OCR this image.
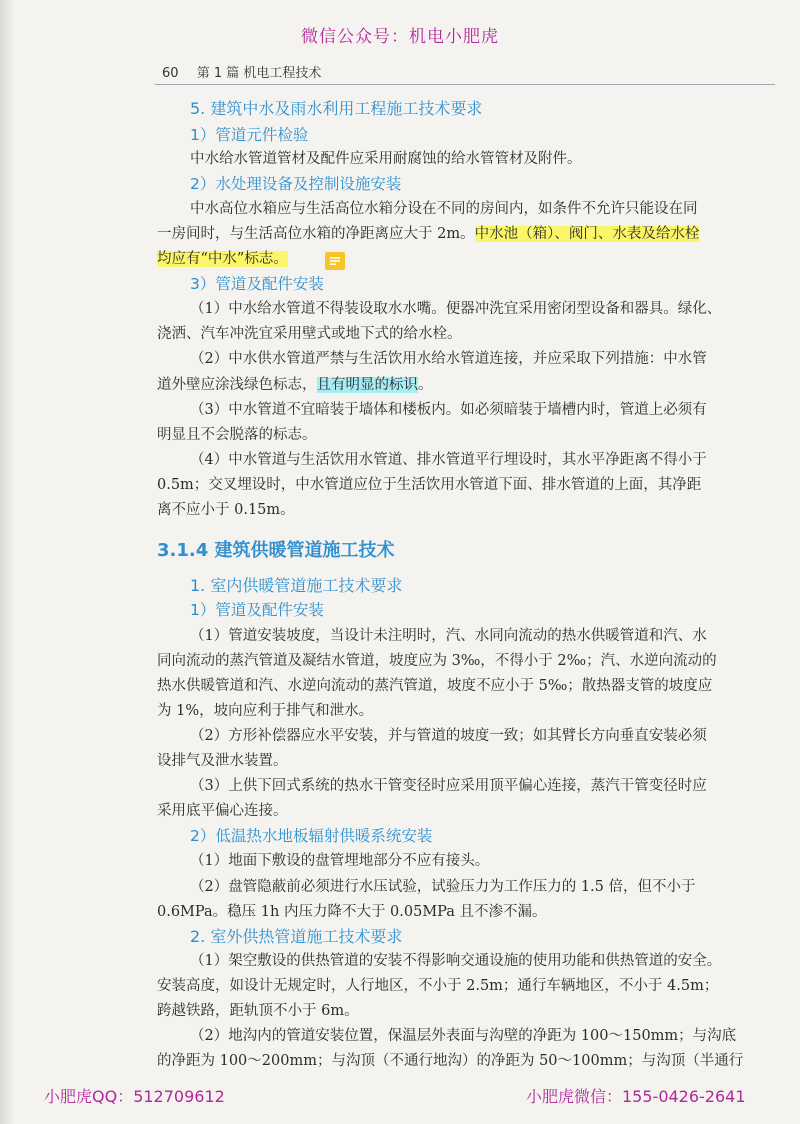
微信公众号：机电小肥虎
60 第 1 篇 机电工程技术
5. 建筑中水及雨水利用工程施工技术要求
1）管道元件检验
中水给水管道管材及配件应采用耐腐蚀的给水管管材及附件。
2）水处理设备及控制设施安装
中水高位水箱应与生活高位水箱分设在不同的房间内，如条件不允许只能设在同
一房间时，与生活高位水箱的净距离应大于 2m。中水池（箱）、阀门、水表及给水栓
均应有“中水”标志。
3）管道及配件安装
（1）中水给水管道不得装设取水水嘴。便器冲洗宜采用密闭型设备和器具。绿化、
浇洒、汽车冲洗宜采用壁式或地下式的给水栓。
（2）中水供水管道严禁与生活饮用水给水管道连接，并应采取下列措施：中水管
道外壁应涂浅绿色标志，且有明显的标识。
（3）中水管道不宜暗装于墙体和楼板内。如必须暗装于墙槽内时，管道上必须有
明显且不会脱落的标志。
（4）中水管道与生活饮用水管道、排水管道平行埋设时，其水平净距离不得小于
0.5m；交叉埋设时，中水管道应位于生活饮用水管道下面、排水管道的上面，其净距
离不应小于 0.15m。
3.1.4 建筑供暖管道施工技术
1. 室内供暖管道施工技术要求
1）管道及配件安装
（1）管道安装坡度，当设计未注明时，汽、水同向流动的热水供暖管道和汽、水
同向流动的蒸汽管道及凝结水管道，坡度应为 3‰，不得小于 2‰；汽、水逆向流动的
热水供暖管道和汽、水逆向流动的蒸汽管道，坡度不应小于 5‰；散热器支管的坡度应
为 1%，坡向应利于排气和泄水。
（2）方形补偿器应水平安装，并与管道的坡度一致；如其臂长方向垂直安装必须
设排气及泄水装置。
（3）上供下回式系统的热水干管变径时应采用顶平偏心连接，蒸汽干管变径时应
采用底平偏心连接。
2）低温热水地板辐射供暖系统安装
（1）地面下敷设的盘管埋地部分不应有接头。
（2）盘管隐蔽前必须进行水压试验，试验压力为工作压力的 1.5 倍，但不小于
0.6MPa。稳压 1h 内压力降不大于 0.05MPa 且不渗不漏。
2. 室外供热管道施工技术要求
（1）架空敷设的供热管道的安装不得影响交通设施的使用功能和供热管道的安全。
安装高度，如设计无规定时，人行地区，不小于 2.5m；通行车辆地区，不小于 4.5m；
跨越铁路，距轨顶不小于 6m。
（2）地沟内的管道安装位置，保温层外表面与沟壁的净距为 100～150mm；与沟底
的净距为 100～200mm；与沟顶（不通行地沟）的净距为 50～100mm；与沟顶（半通行
小肥虎QQ：512709612	小肥虎微信：155-0426-2641
